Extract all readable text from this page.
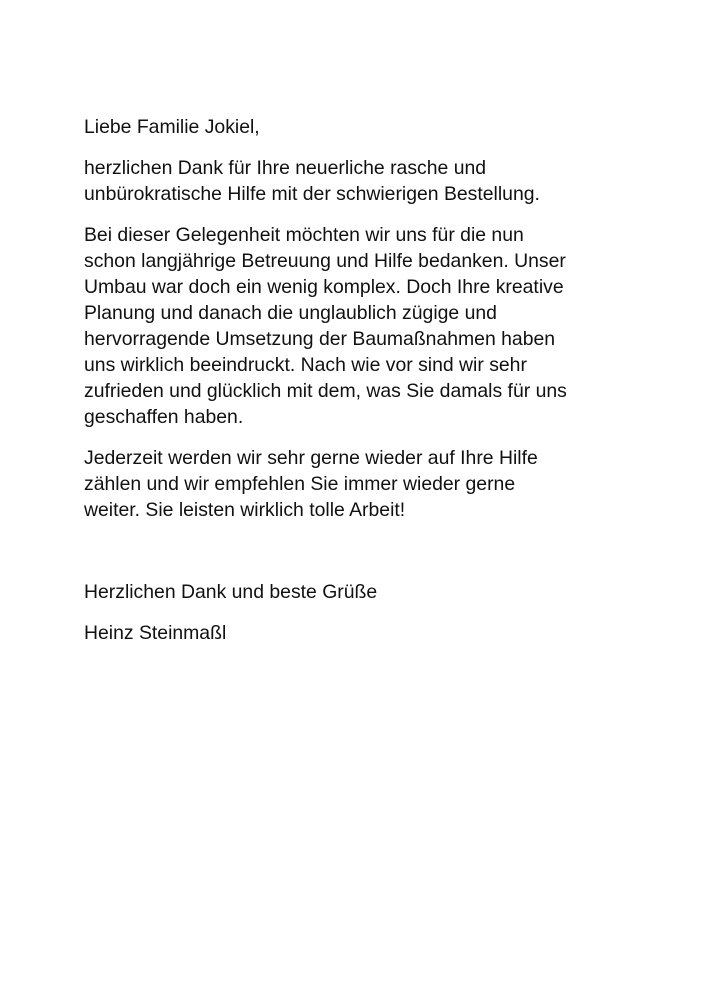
Liebe Familie Jokiel,

herzlichen Dank für Ihre neuerliche rasche und
unbürokratische Hilfe mit der schwierigen Bestellung.

Bei dieser Gelegenheit möchten wir uns für die nun
schon langjährige Betreuung und Hilfe bedanken. Unser
Umbau war doch ein wenig komplex. Doch Ihre kreative
Planung und danach die unglaublich zügige und
hervorragende Umsetzung der Baumaßnahmen haben
uns wirklich beeindruckt. Nach wie vor sind wir sehr
zufrieden und glücklich mit dem, was Sie damals für uns
geschaffen haben.

Jederzeit werden wir sehr gerne wieder auf Ihre Hilfe
zählen und wir empfehlen Sie immer wieder gerne
weiter. Sie leisten wirklich tolle Arbeit!

Herzlichen Dank und beste Grüße

Heinz Steinmaßl
